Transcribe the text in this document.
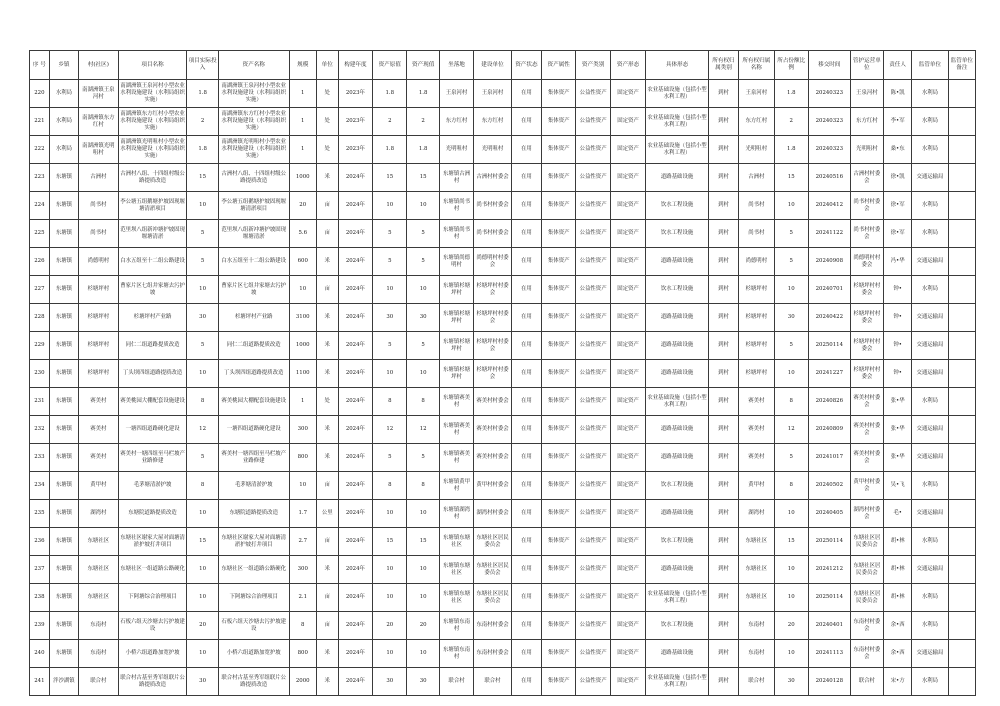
序 号	乡镇	村(社区)	项目名称	项目实际投入	资产名称	规模	单位	构建年度	资产原值	资产现值	坐落地	建设单位	资产状态	资产属性	资产类别	资产形态	具体形态	所有权归属类别	所有权归属名称	所占份额比例	移交时间	管护运营单位	责任人	监管单位	监管单位备注
220	水利局	南湖洲镇王泉河村	南湖洲镇王泉河村小型农业水利设施建设（水利局组织实施）	1.8	南湖洲镇王泉河村小型农业水利设施建设（水利局组织实施）	1	处	2023年	1.8	1.8	王泉河村	王泉河村	在用	集体资产	公益性资产	固定资产	农业基础设施（包括小型水利工程）	到村	王泉河村	1.8	20240323	王泉河村	陈•凯	水利局	
221	水利局	南湖洲镇东方红村	南湖洲镇东方红村小型农业水利设施建设（水利局组织实施）	2	南湖洲镇东方红村小型农业水利设施建设（水利局组织实施）	1	处	2023年	2	2	东方红村	东方红村	在用	集体资产	公益性资产	固定资产	农业基础设施（包括小型水利工程）	到村	东方红村	2	20240323	东方红村	李•军	水利局	
222	水利局	南湖洲镇光明咀村	南湖洲镇光明咀村小型农业水利设施建设（水利局组织实施）	1.8	南湖洲镇光明咀村小型农业水利设施建设（水利局组织实施）	1	处	2023年	1.8	1.8	光明咀村	光明咀村	在用	集体资产	公益性资产	固定资产	农业基础设施（包括小型水利工程）	到村	光明咀村	1.8	20240323	光明咀村	桑•东	水利局	
223	东塘镇	古洲村	古洲村八组、十四组村级公路提质改造	15	古洲村八组、十四组村级公路提质改造	1000	米	2024年	15	15	东塘镇古洲村	古洲村村委会	在用	集体资产	公益性资产	固定资产	道路基础设施	到村	古洲村	15	20240516	古洲村村委会	徐•凯	交通运输局	
224	东塘镇	尚书村	李公塘五组鹅塘护坡固现堰塘清淤项目	10	李公塘五组鹅塘护坡固现堰塘清淤项目	20	亩	2024年	10	10	东塘镇尚书村	尚书村村委会	在用	集体资产	公益性资产	固定资产	饮水工程设施	到村	尚书村	10	20240412	尚书村村委会	徐•军	水利局	
225	东塘镇	尚书村	范里坝八组新冲塘护坡固现堰塘清淤	5	范里坝八组新冲塘护坡固现堰塘清淤	5.6	亩	2024年	5	5	东塘镇尚书村	尚书村村委会	在用	集体资产	公益性资产	固定资产	饮水工程设施	到村	尚书村	5	20241122	尚书村村委会	徐•军	水利局	
226	东塘镇	尚德明村	白水五组至十二组公路建设	5	白水五组至十二组公路建设	600	米	2024年	5	5	东塘镇尚德明村	尚德明村村委会	在用	集体资产	公益性资产	固定资产	道路基础设施	到村	尚德明村	5	20240908	尚德明村村委会	冯•华	交通运输局	
227	东塘镇	杉塘坪村	曹家片区七组井家塘去污护坡	10	曹家片区七组井家塘去污护坡	10	亩	2024年	10	10	东塘镇杉塘坪村	杉塘坪村村委会	在用	集体资产	公益性资产	固定资产	饮水工程设施	到村	杉塘坪村	10	20240701	杉塘坪村村委会	钟•	水利局	
228	东塘镇	杉塘坪村	杉塘坪村产业路	30	杉塘坪村产业路	3100	米	2024年	30	30	东塘镇杉塘坪村	杉塘坪村村委会	在用	集体资产	公益性资产	固定资产	道路基础设施	到村	杉塘坪村	30	20240422	杉塘坪村村委会	钟•	交通运输局	
229	东塘镇	杉塘坪村	同仁二组道路提质改造	5	同仁二组道路提质改造	1000	米	2024年	5	5	东塘镇杉塘坪村	杉塘坪村村委会	在用	集体资产	公益性资产	固定资产	道路基础设施	到村	杉塘坪村	5	20250114	杉塘坪村村委会	钟•	交通运输局	
230	东塘镇	杉塘坪村	丁头坝四组道路提质改造	10	丁头坝四组道路提质改造	1100	米	2024年	10	10	东塘镇杉塘坪村	杉塘坪村村委会	在用	集体资产	公益性资产	固定资产	道路基础设施	到村	杉塘坪村	10	20241227	杉塘坪村村委会	钟•	交通运输局	
231	东塘镇	赛美村	赛美桃园大棚配套设施建设	8	赛美桃园大棚配套设施建设	1	处	2024年	8	8	东塘镇赛美村	赛美村村委会	在用	集体资产	公益性资产	固定资产	农业基础设施（包括小型水利工程）	到村	赛美村	8	20240826	赛美村村委会	张•华	水利局	
232	东塘镇	赛美村	一塘四组道路硬化建设	12	一塘四组道路硬化建设	300	米	2024年	12	12	东塘镇赛美村	赛美村村委会	在用	集体资产	公益性资产	固定资产	道路基础设施	到村	赛美村	12	20240809	赛美村村委会	张•华	交通运输局	
233	东塘镇	赛美村	赛美村一塘四组至马栏坡产业路修建	5	赛美村一塘四组至马栏坡产业路修建	800	米	2024年	5	5	东塘镇赛美村	赛美村村委会	在用	集体资产	公益性资产	固定资产	道路基础设施	到村	赛美村	5	20241017	赛美村村委会	张•华	交通运输局	
234	东塘镇	黄甲村	毛茅塘清淤护坡	8	毛茅塘清淤护坡	10	亩	2024年	8	8	东塘镇黄甲村	黄甲村村委会	在用	集体资产	公益性资产	固定资产	饮水工程设施	到村	黄甲村	8	20240502	黄甲村村委会	吴•飞	水利局	
235	东塘镇	湖湾村	东塘院道路提质改造	10	东塘院道路提质改造	1.7	公里	2024年	10	10	东塘镇湖湾村	湖湾村村委会	在用	集体资产	公益性资产	固定资产	道路基础设施	到村	湖湾村	10	20240405	湖湾村村委会	毛•	交通运输局	
236	东塘镇	东塘社区	东塘社区谢家大屋对面塘清淤护坡打井项目	15	东塘社区谢家大屋对面塘清淤护坡打井项目	2.7	亩	2024年	15	15	东塘镇东塘社区	东塘社区居民委员会	在用	集体资产	公益性资产	固定资产	饮水工程设施	到村	东塘社区	15	20250114	东塘社区居民委员会	胡•林	水利局	
237	东塘镇	东塘社区	东塘社区一组道路公路硬化	10	东塘社区一组道路公路硬化	300	米	2024年	10	10	东塘镇东塘社区	东塘社区居民委员会	在用	集体资产	公益性资产	固定资产	道路基础设施	到村	东塘社区	10	20241212	东塘社区居民委员会	胡•林	交通运输局	
238	东塘镇	东塘社区	下阿塘综合治理项目	10	下阿塘综合治理项目	2.1	亩	2024年	10	10	东塘镇东塘社区	东塘社区居民委员会	在用	集体资产	公益性资产	固定资产	农业基础设施（包括小型水利工程）	到村	东塘社区	10	20250114	东塘社区居民委员会	胡•林	水利局	
239	东塘镇	东南村	石板六组天沙塘去污护坡建设	20	石板六组天沙塘去污护坡建设	8	亩	2024年	20	20	东塘镇东南村	东南村村委会	在用	集体资产	公益性资产	固定资产	饮水工程设施	到村	东南村	20	20240401	东南村村委会	余•西	水利局	
240	东塘镇	东南村	小桥六组道路加宽护坡	10	小桥六组道路加宽护坡	800	米	2024年	10	10	东塘镇东南村	东南村村委会	在用	集体资产	公益性资产	固定资产	道路基础设施	到村	东南村	10	20241113	东南村村委会	余•西	交通运输局	
241	泮沙湖镇	联合村	联合村古基至秀军组联片公路提质改造	30	联合村古基至秀军组联片公路提质改造	2000	米	2024年	30	30	联合村	联合村	在用	集体资产	公益性资产	固定资产	农业基础设施（包括小型水利工程）	到村	联合村	30	20240128	联合村	宋•方	水利局	
